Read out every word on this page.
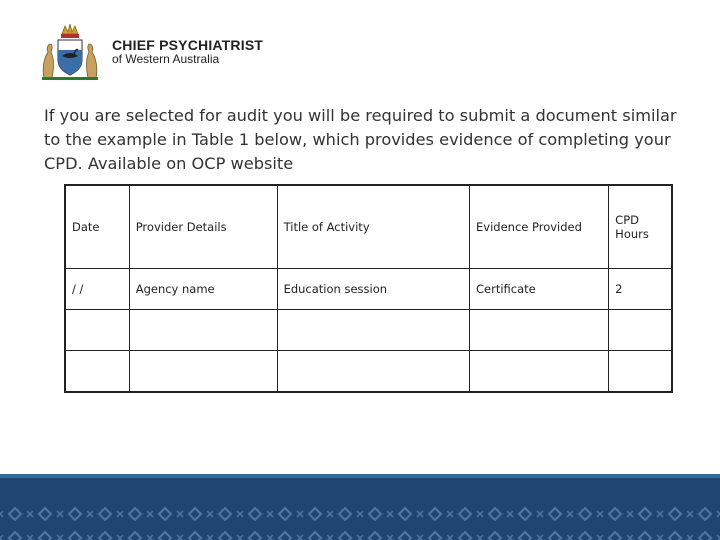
CHIEF PSYCHIATRIST
of Western Australia
If you are selected for audit you will be required to submit a document similar to the example in Table 1 below, which provides evidence of completing your CPD. Available on OCP website
Date	Provider Details	Title of Activity	Evidence Provided	CPD Hours
/ /	Agency name	Education session	Certificate	2
